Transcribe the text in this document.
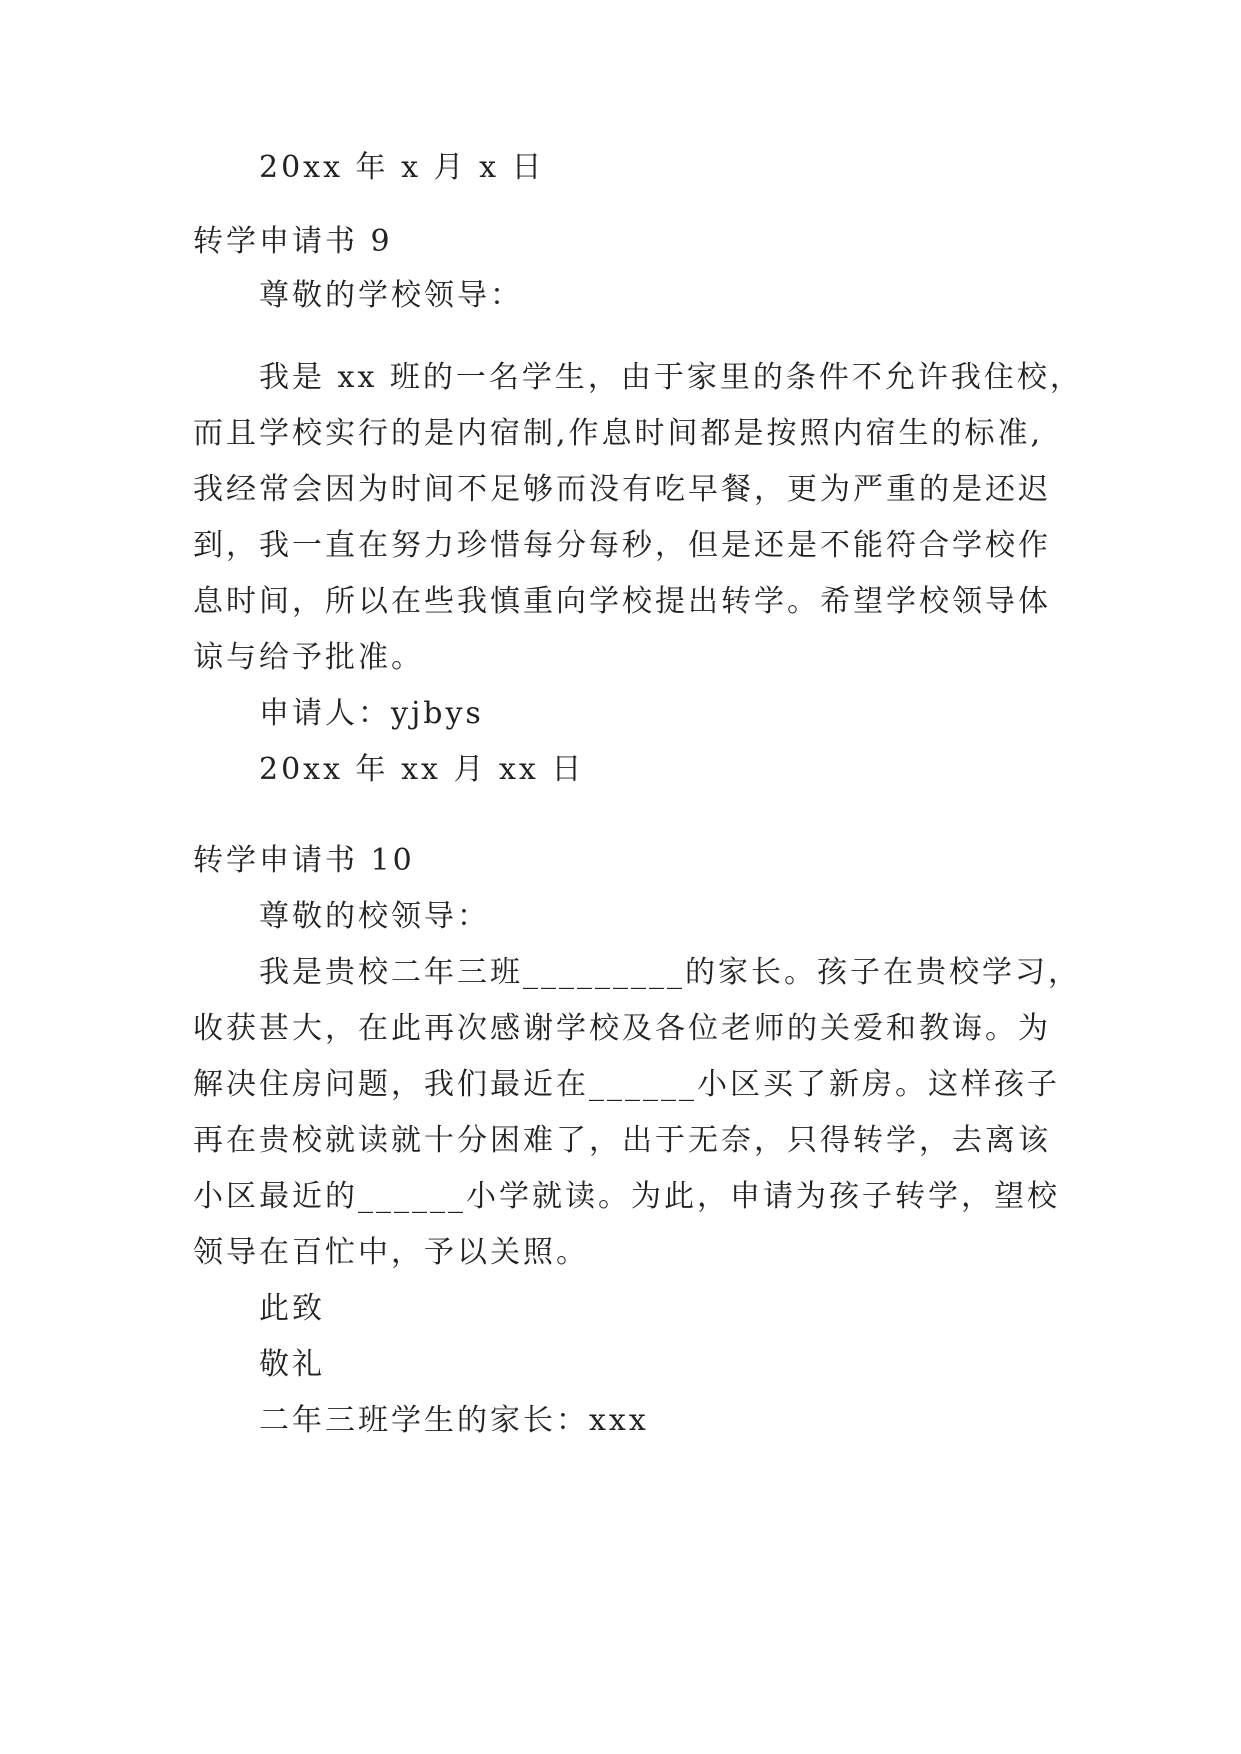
20xx 年 x 月 x 日

转学申请书 9

尊敬的学校领导：

我是 xx 班的一名学生，由于家里的条件不允许我住校，

而且学校实行的是内宿制,作息时间都是按照内宿生的标准,

我经常会因为时间不足够而没有吃早餐，更为严重的是还迟

到，我一直在努力珍惜每分每秒，但是还是不能符合学校作

息时间，所以在些我慎重向学校提出转学。希望学校领导体

谅与给予批准。

申请人：yjbys

20xx 年 xx 月 xx 日

转学申请书 10

尊敬的校领导：

我是贵校二年三班_________的家长。孩子在贵校学习，

收获甚大，在此再次感谢学校及各位老师的关爱和教诲。为

解决住房问题，我们最近在______小区买了新房。这样孩子

再在贵校就读就十分困难了，出于无奈，只得转学，去离该

小区最近的______小学就读。为此，申请为孩子转学，望校

领导在百忙中，予以关照。

此致

敬礼

二年三班学生的家长：xxx
